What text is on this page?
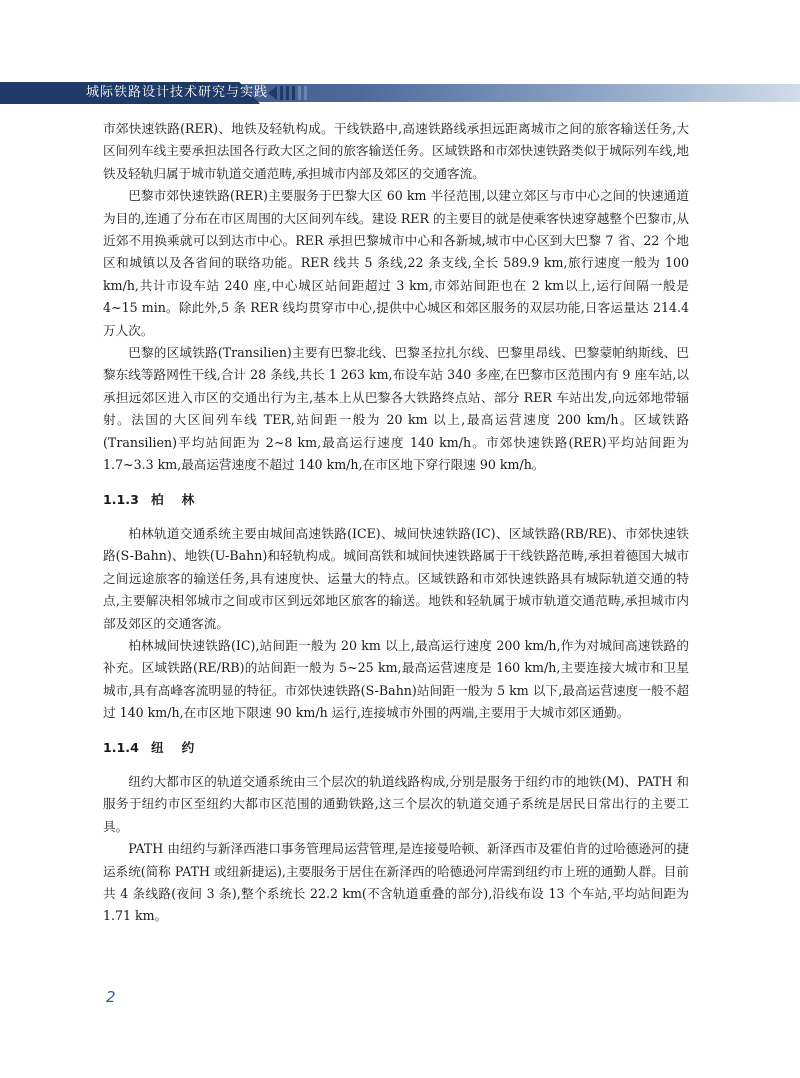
城际铁路设计技术研究与实践

市郊快速铁路(RER)、地铁及轻轨构成。干线铁路中,高速铁路线承担远距离城市之间的旅客输送任务,大区间列车线主要承担法国各行政大区之间的旅客输送任务。区域铁路和市郊快速铁路类似于城际列车线,地铁及轻轨归属于城市轨道交通范畴,承担城市内部及郊区的交通客流。

巴黎市郊快速铁路(RER)主要服务于巴黎大区 60 km 半径范围,以建立郊区与市中心之间的快速通道为目的,连通了分布在市区周围的大区间列车线。建设 RER 的主要目的就是使乘客快速穿越整个巴黎市,从近郊不用换乘就可以到达市中心。RER 承担巴黎城市中心和各新城,城市中心区到大巴黎 7 省、22 个地区和城镇以及各省间的联络功能。RER 线共 5 条线,22 条支线,全长 589.9 km,旅行速度一般为 100 km/h,共计市设车站 240 座,中心城区站间距超过 3 km,市郊站间距也在 2 km以上,运行间隔一般是 4~15 min。除此外,5 条 RER 线均贯穿市中心,提供中心城区和郊区服务的双层功能,日客运量达 214.4 万人次。

巴黎的区域铁路(Transilien)主要有巴黎北线、巴黎圣拉扎尔线、巴黎里昂线、巴黎蒙帕纳斯线、巴黎东线等路网性干线,合计 28 条线,共长 1 263 km,布设车站 340 多座,在巴黎市区范围内有 9 座车站,以承担远郊区进入市区的交通出行为主,基本上从巴黎各大铁路终点站、部分 RER 车站出发,向远郊地带辐射。法国的大区间列车线 TER,站间距一般为 20 km 以上,最高运营速度 200 km/h。区域铁路(Transilien)平均站间距为 2~8 km,最高运行速度 140 km/h。市郊快速铁路(RER)平均站间距为 1.7~3.3 km,最高运营速度不超过 140 km/h,在市区地下穿行限速 90 km/h。

1.1.3 柏林

柏林轨道交通系统主要由城间高速铁路(ICE)、城间快速铁路(IC)、区域铁路(RB/RE)、市郊快速铁路(S-Bahn)、地铁(U-Bahn)和轻轨构成。城间高铁和城间快速铁路属于干线铁路范畴,承担着德国大城市之间远途旅客的输送任务,具有速度快、运量大的特点。区域铁路和市郊快速铁路具有城际轨道交通的特点,主要解决相邻城市之间或市区到远郊地区旅客的输送。地铁和轻轨属于城市轨道交通范畴,承担城市内部及郊区的交通客流。

柏林城间快速铁路(IC),站间距一般为 20 km 以上,最高运行速度 200 km/h,作为对城间高速铁路的补充。区域铁路(RE/RB)的站间距一般为 5~25 km,最高运营速度是 160 km/h,主要连接大城市和卫星城市,具有高峰客流明显的特征。市郊快速铁路(S-Bahn)站间距一般为 5 km 以下,最高运营速度一般不超过 140 km/h,在市区地下限速 90 km/h 运行,连接城市外围的两端,主要用于大城市郊区通勤。

1.1.4 纽约

纽约大都市区的轨道交通系统由三个层次的轨道线路构成,分别是服务于纽约市的地铁(M)、PATH 和服务于纽约市区至纽约大都市区范围的通勤铁路,这三个层次的轨道交通子系统是居民日常出行的主要工具。

PATH 由纽约与新泽西港口事务管理局运营管理,是连接曼哈顿、新泽西市及霍伯肯的过哈德逊河的捷运系统(简称 PATH 或纽新捷运),主要服务于居住在新泽西的哈德逊河岸需到纽约市上班的通勤人群。目前共 4 条线路(夜间 3 条),整个系统长 22.2 km(不含轨道重叠的部分),沿线布设 13 个车站,平均站间距为 1.71 km。

2
